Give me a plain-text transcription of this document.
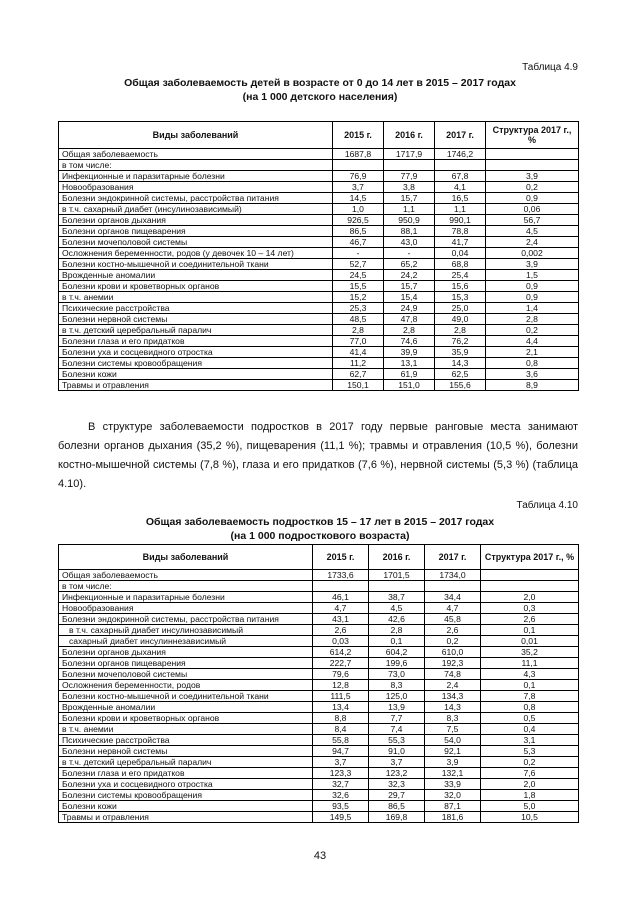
Таблица 4.9
Общая заболеваемость детей в возрасте от 0 до 14 лет в 2015 – 2017 годах
(на 1 000 детского населения)
Виды заболеваний	2015 г.	2016 г.	2017 г.	Структура 2017 г., %
Общая заболеваемость	1687,8	1717,9	1746,2	
в том числе:				
Инфекционные и паразитарные болезни	76,9	77,9	67,8	3,9
Новообразования	3,7	3,8	4,1	0,2
Болезни эндокринной системы, расстройства питания	14,5	15,7	16,5	0,9
в т.ч. сахарный диабет (инсулинозависимый)	1,0	1,1	1,1	0,06
Болезни органов дыхания	926,5	950,9	990,1	56,7
Болезни органов пищеварения	86,5	88,1	78,8	4,5
Болезни мочеполовой системы	46,7	43,0	41,7	2,4
Осложнения беременности, родов (у девочек 10 – 14 лет)	-	-	0,04	0,002
Болезни костно-мышечной и соединительной ткани	52,7	65,2	68,8	3,9
Врожденные аномалии	24,5	24,2	25,4	1,5
Болезни крови и кроветворных органов	15,5	15,7	15,6	0,9
в т.ч. анемии	15,2	15,4	15,3	0,9
Психические расстройства	25,3	24,9	25,0	1,4
Болезни нервной системы	48,5	47,8	49,0	2,8
в т.ч. детский церебральный паралич	2,8	2,8	2,8	0,2
Болезни глаза и его придатков	77,0	74,6	76,2	4,4
Болезни уха и сосцевидного отростка	41,4	39,9	35,9	2,1
Болезни системы кровообращения	11,2	13,1	14,3	0,8
Болезни кожи	62,7	61,9	62,5	3,6
Травмы и отравления	150,1	151,0	155,6	8,9
В структуре заболеваемости подростков в 2017 году первые ранговые места занимают болезни органов дыхания (35,2 %), пищеварения (11,1 %); травмы и отравления (10,5 %), болезни костно-мышечной системы (7,8 %), глаза и его придатков (7,6 %), нервной системы (5,3 %) (таблица 4.10).
Таблица 4.10
Общая заболеваемость подростков 15 – 17 лет в 2015 – 2017 годах
(на 1 000 подросткового возраста)
Виды заболеваний	2015 г.	2016 г.	2017 г.	Структура 2017 г., %
Общая заболеваемость	1733,6	1701,5	1734,0	
в том числе:				
Инфекционные и паразитарные болезни	46,1	38,7	34,4	2,0
Новообразования	4,7	4,5	4,7	0,3
Болезни эндокринной системы, расстройства питания	43,1	42,6	45,8	2,6
в т.ч. сахарный диабет инсулинозависимый	2,6	2,8	2,6	0,1
сахарный диабет инсулиннезависимый	0,03	0,1	0,2	0,01
Болезни органов дыхания	614,2	604,2	610,0	35,2
Болезни органов пищеварения	222,7	199,6	192,3	11,1
Болезни мочеполовой системы	79,6	73,0	74,8	4,3
Осложнения беременности, родов	12,8	8,3	2,4	0,1
Болезни костно-мышечной и соединительной ткани	111,5	125,0	134,3	7,8
Врожденные аномалии	13,4	13,9	14,3	0,8
Болезни крови и кроветворных органов	8,8	7,7	8,3	0,5
в т.ч. анемии	8,4	7,4	7,5	0,4
Психические расстройства	55,8	55,3	54,0	3,1
Болезни нервной системы	94,7	91,0	92,1	5,3
в т.ч. детский церебральный паралич	3,7	3,7	3,9	0,2
Болезни глаза и его придатков	123,3	123,2	132,1	7,6
Болезни уха и сосцевидного отростка	32,7	32,3	33,9	2,0
Болезни системы кровообращения	32,6	29,7	32,0	1,8
Болезни кожи	93,5	86,5	87,1	5,0
Травмы и отравления	149,5	169,8	181,6	10,5
43
